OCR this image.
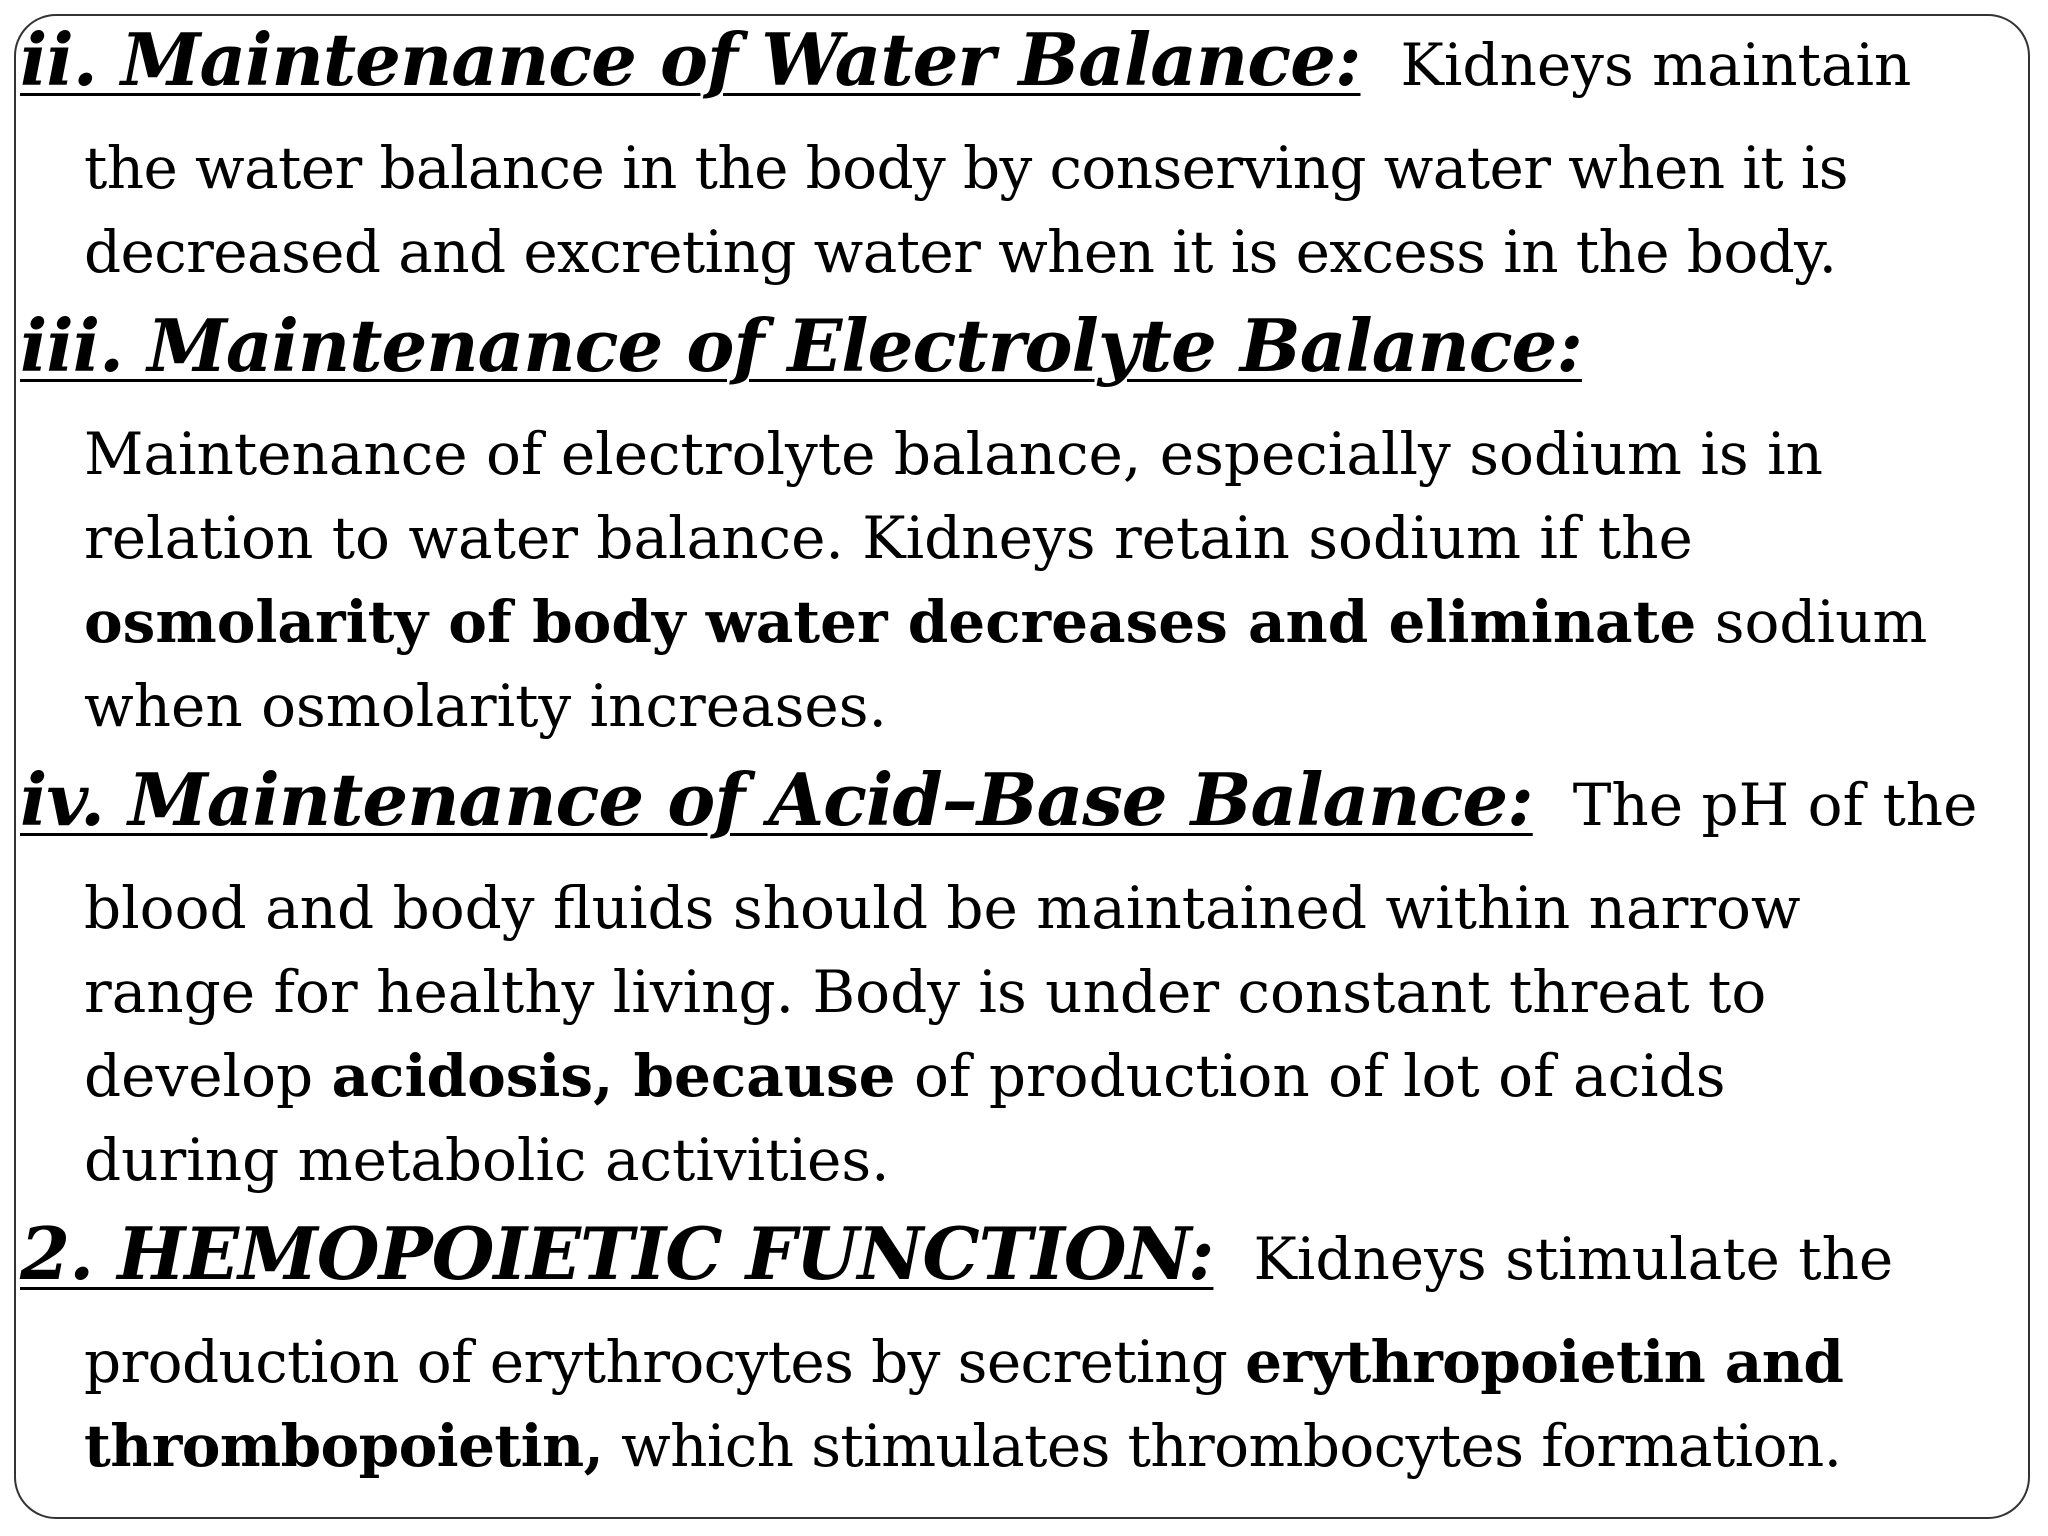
ii. Maintenance of Water Balance: Kidneys maintain

the water balance in the body by conserving water when it is

decreased and excreting water when it is excess in the body.

iii. Maintenance of Electrolyte Balance:

Maintenance of electrolyte balance, especially sodium is in

relation to water balance. Kidneys retain sodium if the

osmolarity of body water decreases and eliminate sodium

when osmolarity increases.

iv. Maintenance of Acid–Base Balance: The pH of the

blood and body fluids should be maintained within narrow

range for healthy living. Body is under constant threat to

develop acidosis, because of production of lot of acids

during metabolic activities.

2. HEMOPOIETIC FUNCTION: Kidneys stimulate the

production of erythrocytes by secreting erythropoietin and

thrombopoietin, which stimulates thrombocytes formation.
